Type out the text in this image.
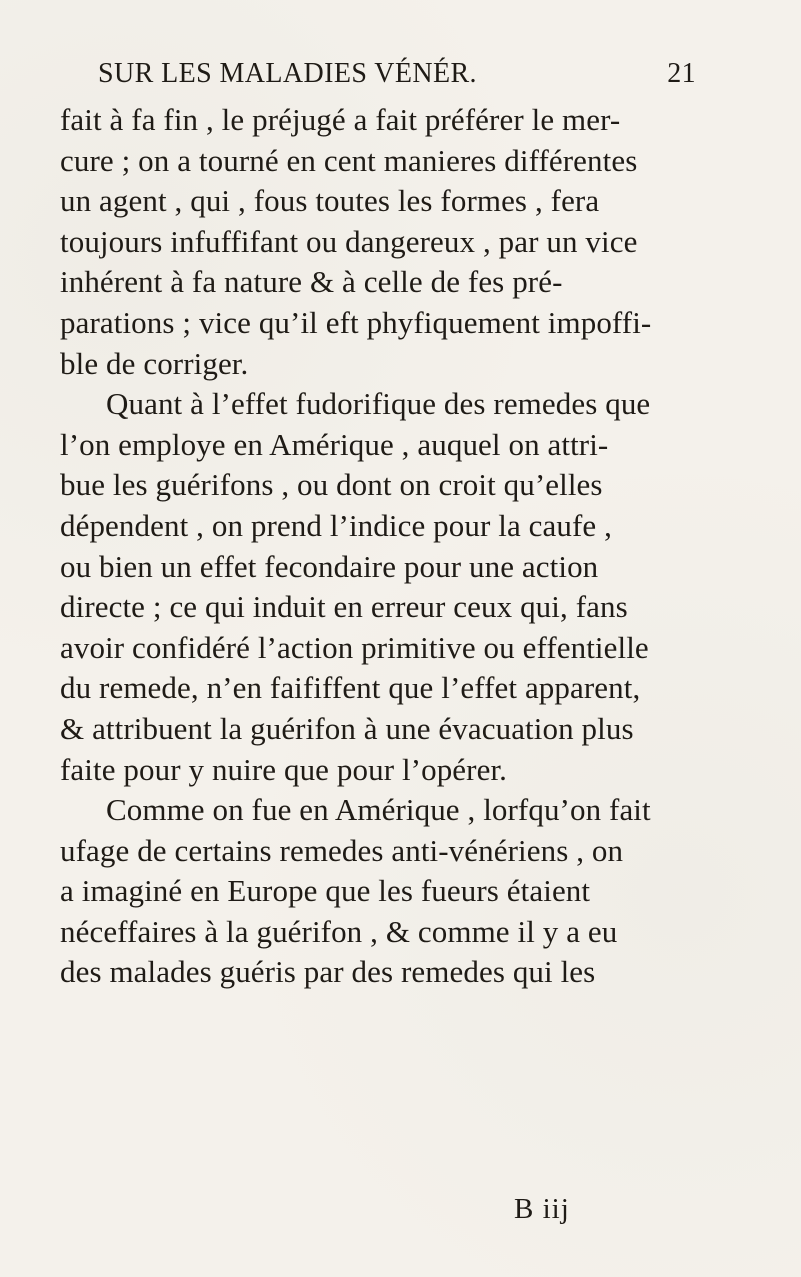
SUR LES MALADIES VÉNÉR.	21
fait à fa fin , le préjugé a fait préférer le mer-
cure ; on a tourné en cent manieres différentes
un agent , qui , fous toutes les formes , fera
toujours infuffifant ou dangereux , par un vice
inhérent à fa nature & à celle de fes pré-
parations ; vice qu’il eft phyfiquement impoffi-
ble de corriger.
Quant à l’effet fudorifique des remedes que
l’on employe en Amérique , auquel on attri-
bue les guérifons , ou dont on croit qu’elles
dépendent , on prend l’indice pour la caufe ,
ou bien un effet fecondaire pour une action
directe ; ce qui induit en erreur ceux qui, fans
avoir confidéré l’action primitive ou effentielle
du remede, n’en faififfent que l’effet apparent,
& attribuent la guérifon à une évacuation plus
faite pour y nuire que pour l’opérer.
Comme on fue en Amérique , lorfqu’on fait
ufage de certains remedes anti-vénériens , on
a imaginé en Europe que les fueurs étaient
néceffaires à la guérifon , & comme il y a eu
des malades guéris par des remedes qui les
B iij
